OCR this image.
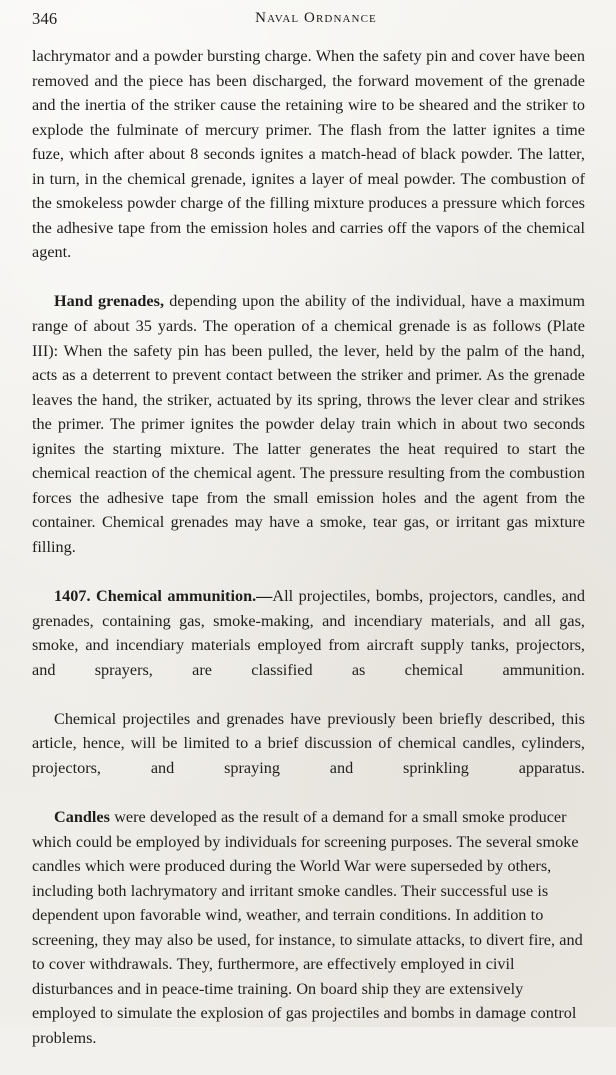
346	Naval Ordnance

lachrymator and a powder bursting charge. When the safety pin and cover have been removed and the piece has been discharged, the forward movement of the grenade and the inertia of the striker cause the retaining wire to be sheared and the striker to explode the fulminate of mercury primer. The flash from the latter ignites a time fuze, which after about 8 seconds ignites a match-head of black powder. The latter, in turn, in the chemical grenade, ignites a layer of meal powder. The combustion of the smokeless powder charge of the filling mixture produces a pressure which forces the adhesive tape from the emission holes and carries off the vapors of the chemical agent.

Hand grenades, depending upon the ability of the individual, have a maximum range of about 35 yards. The operation of a chemical grenade is as follows (Plate III): When the safety pin has been pulled, the lever, held by the palm of the hand, acts as a deterrent to prevent contact between the striker and primer. As the grenade leaves the hand, the striker, actuated by its spring, throws the lever clear and strikes the primer. The primer ignites the powder delay train which in about two seconds ignites the starting mixture. The latter generates the heat required to start the chemical reaction of the chemical agent. The pressure resulting from the combustion forces the adhesive tape from the small emission holes and the agent from the container. Chemical grenades may have a smoke, tear gas, or irritant gas mixture filling.

1407. Chemical ammunition.—All projectiles, bombs, projectors, candles, and grenades, containing gas, smoke-making, and incendiary materials, and all gas, smoke, and incendiary materials employed from aircraft supply tanks, projectors, and sprayers, are classified as chemical ammunition.

Chemical projectiles and grenades have previously been briefly described, this article, hence, will be limited to a brief discussion of chemical candles, cylinders, projectors, and spraying and sprinkling apparatus.

Candles were developed as the result of a demand for a small smoke producer which could be employed by individuals for screening purposes. The several smoke candles which were produced during the World War were superseded by others, including both lachrymatory and irritant smoke candles. Their successful use is dependent upon favorable wind, weather, and terrain conditions. In addition to screening, they may also be used, for instance, to simulate attacks, to divert fire, and to cover withdrawals. They, furthermore, are effectively employed in civil disturbances and in peace-time training. On board ship they are extensively employed to simulate the explosion of gas projectiles and bombs in damage control problems.
